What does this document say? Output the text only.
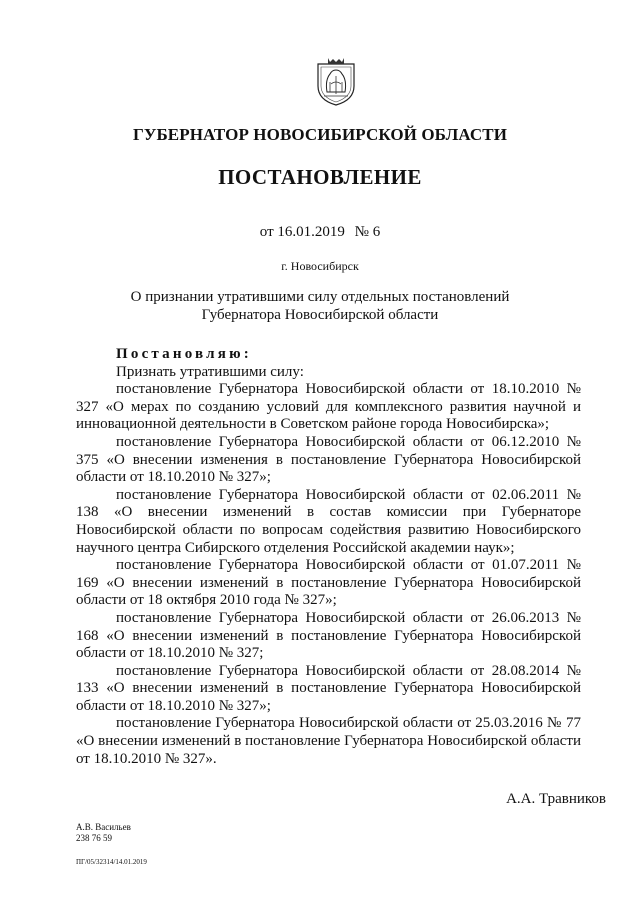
ГУБЕРНАТОР НОВОСИБИРСКОЙ ОБЛАСТИ
ПОСТАНОВЛЕНИЕ
от 16.01.2019 № 6
г. Новосибирск
О признании утратившими силу отдельных постановлений
Губернатора Новосибирской области

Постановляю:

Признать утратившими силу:

постановление Губернатора Новосибирской области от 18.10.2010 № 327 «О мерах по созданию условий для комплексного развития научной и инновационной деятельности в Советском районе города Новосибирска»;

постановление Губернатора Новосибирской области от 06.12.2010 № 375 «О внесении изменения в постановление Губернатора Новосибирской области от 18.10.2010 № 327»;

постановление Губернатора Новосибирской области от 02.06.2011 № 138 «О внесении изменений в состав комиссии при Губернаторе Новосибирской области по вопросам содействия развитию Новосибирского научного центра Сибирского отделения Российской академии наук»;

постановление Губернатора Новосибирской области от 01.07.2011 № 169 «О внесении изменений в постановление Губернатора Новосибирской области от 18 октября 2010 года № 327»;

постановление Губернатора Новосибирской области от 26.06.2013 № 168 «О внесении изменений в постановление Губернатора Новосибирской области от 18.10.2010 № 327;

постановление Губернатора Новосибирской области от 28.08.2014 № 133 «О внесении изменений в постановление Губернатора Новосибирской области от 18.10.2010 № 327»;

постановление Губернатора Новосибирской области от 25.03.2016 № 77 «О внесении изменений в постановление Губернатора Новосибирской области от 18.10.2010 № 327».

А.А. Травников
А.В. Васильев
238 76 59
ПГ/05/32314/14.01.2019
